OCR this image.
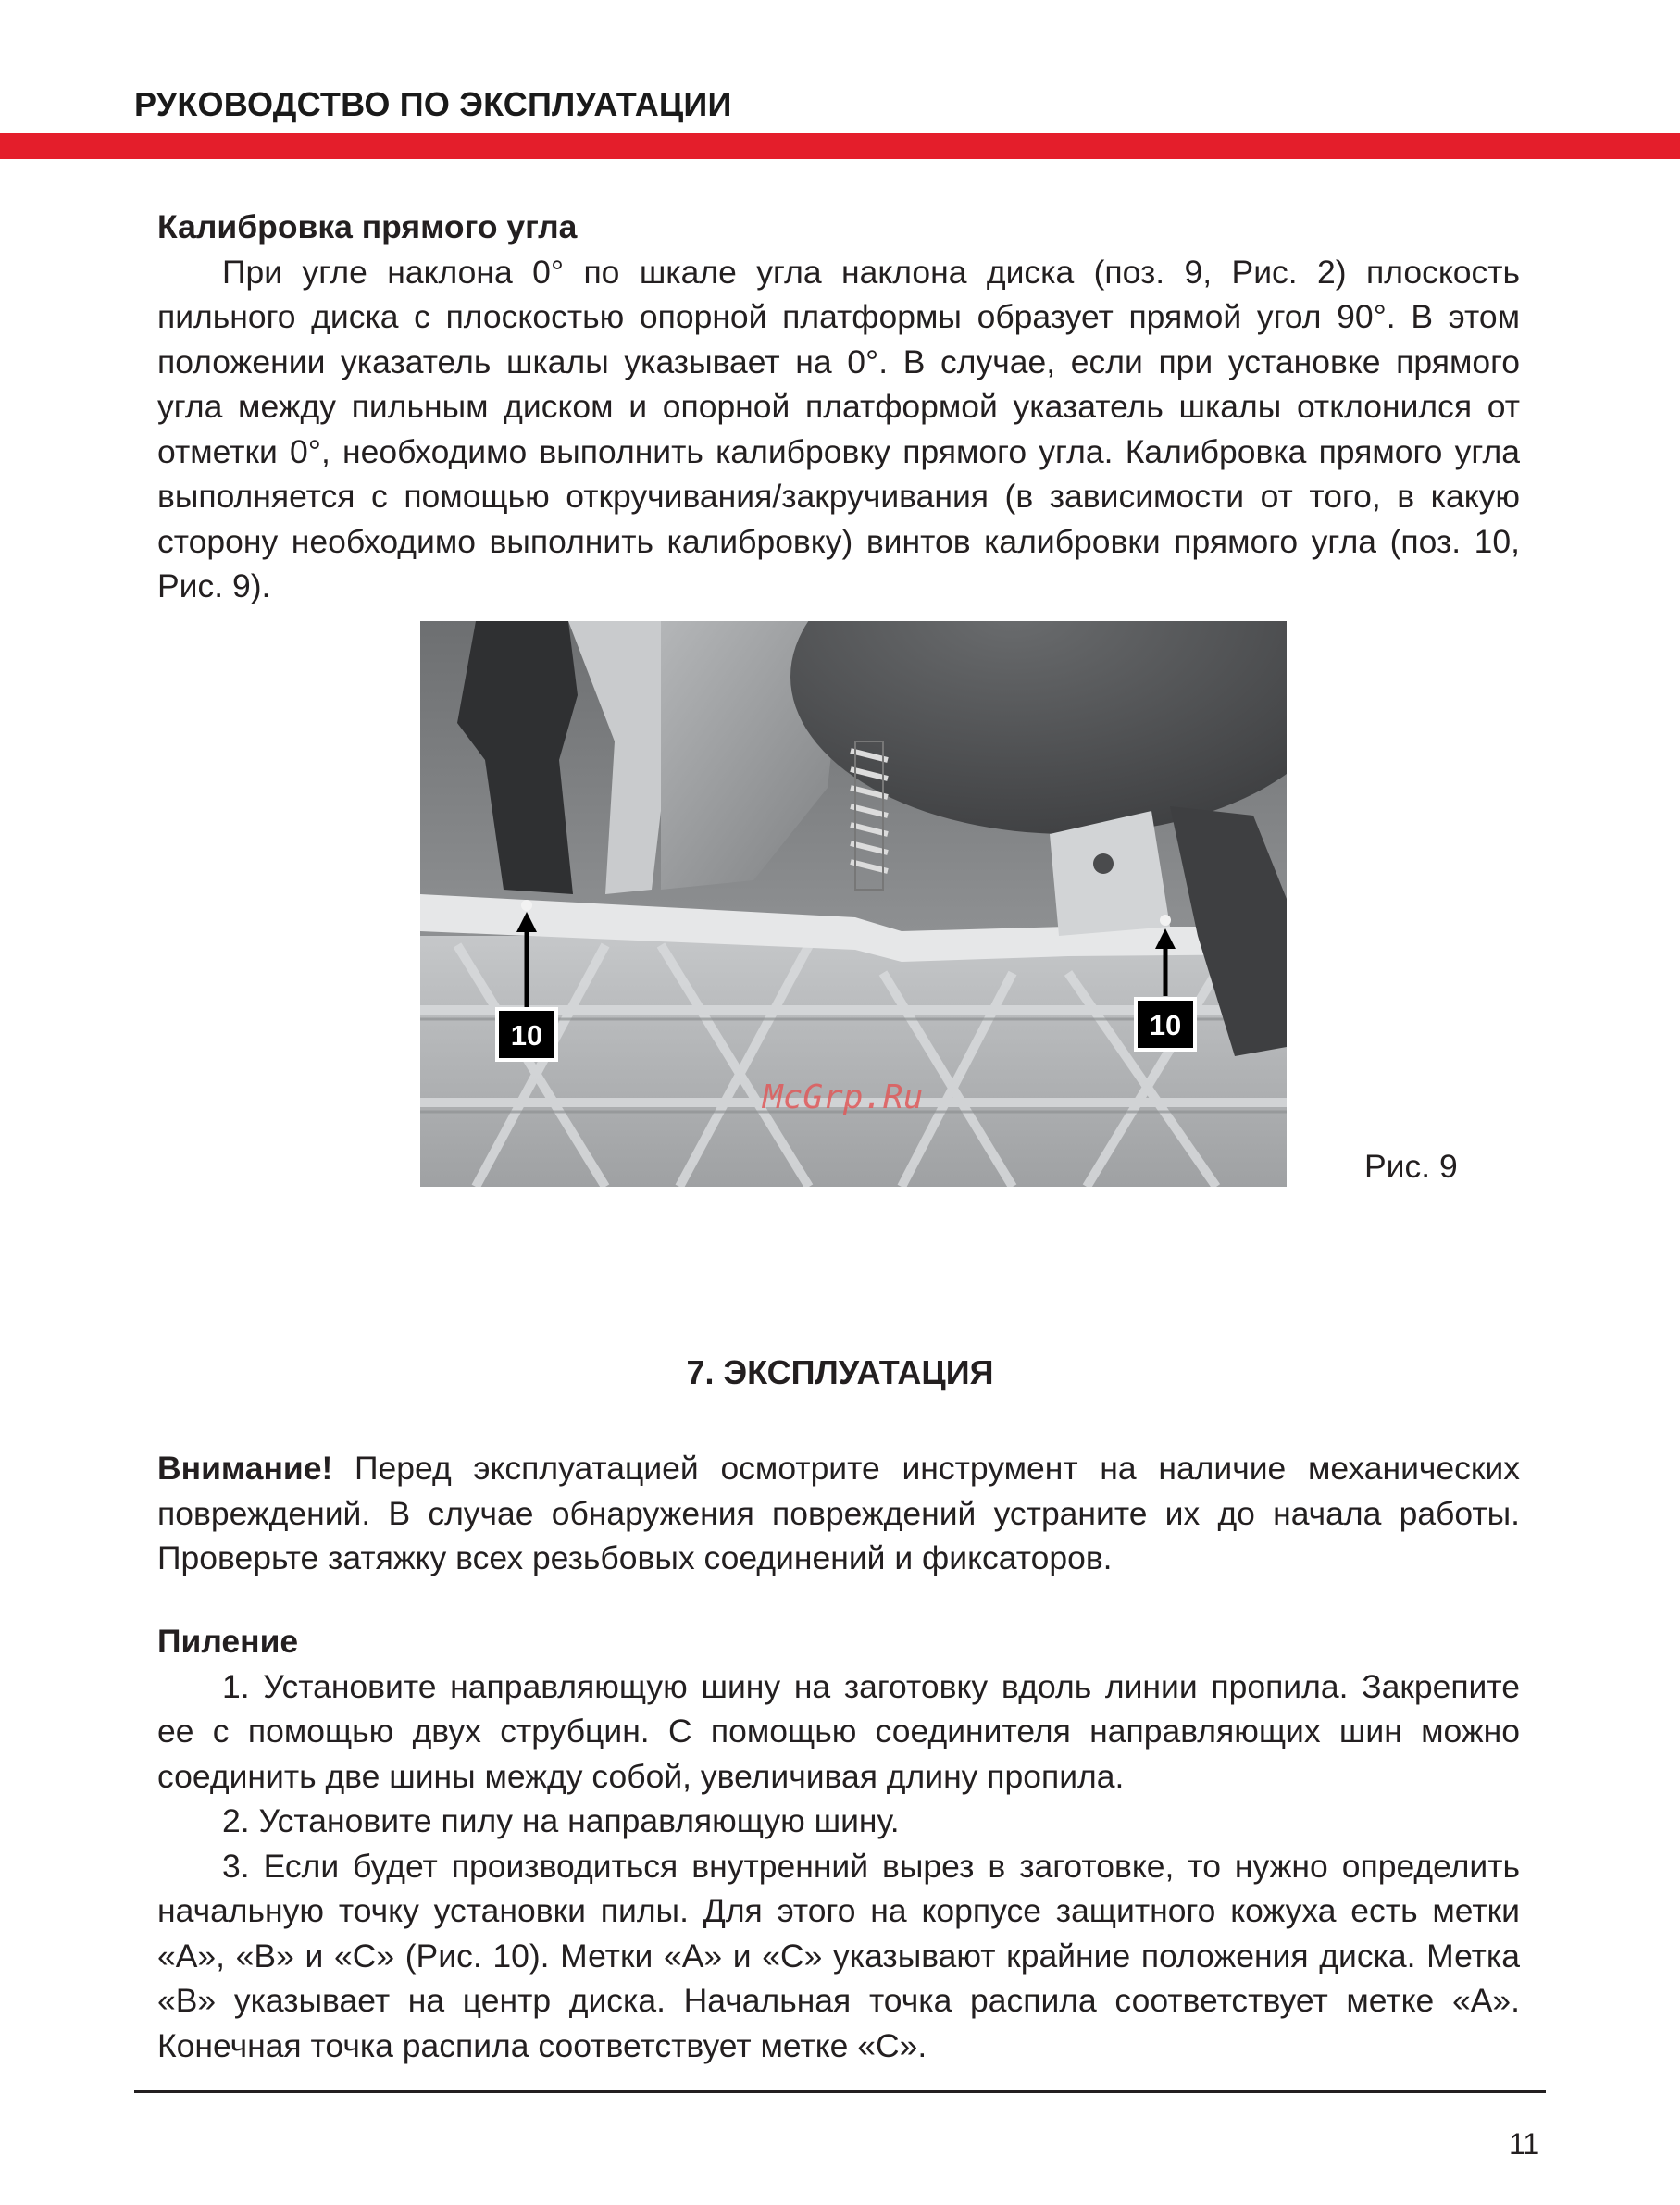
РУКОВОДСТВО ПО ЭКСПЛУАТАЦИИ

Калибровка прямого угла

При угле наклона 0° по шкале угла наклона диска (поз. 9, Рис. 2) плоскость пильного диска с плоскостью опорной платформы образует прямой угол 90°. В этом положении указатель шкалы указывает на 0°. В случае, если при установке прямого угла между пильным диском и опорной платформой указатель шкалы отклонился от отметки 0°, необходимо выполнить калибровку прямого угла. Калибровка прямого угла выполняется с помощью откручивания/закручивания (в зависимости от того, в какую сторону необходимо выполнить калибровку) винтов калибровки прямого угла (поз. 10, Рис. 9).

10	10
McGrp.Ru
Рис. 9
7. ЭКСПЛУАТАЦИЯ

Внимание! Перед эксплуатацией осмотрите инструмент на наличие механических повреждений. В случае обнаружения повреждений устраните их до начала работы. Проверьте затяжку всех резьбовых соединений и фиксаторов.

Пиление

1. Установите направляющую шину на заготовку вдоль линии пропила. Закрепите ее с помощью двух струбцин. С помощью соединителя направляющих шин можно соединить две шины между собой, увеличивая длину пропила.

2. Установите пилу на направляющую шину.

3. Если будет производиться внутренний вырез в заготовке, то нужно определить начальную точку установки пилы. Для этого на корпусе защитного кожуха есть метки «А», «В» и «С» (Рис. 10). Метки «А» и «С» указывают крайние положения диска. Метка «В» указывает на центр диска. Начальная точка распила соответствует метке «А». Конечная точка распила соответствует метке «С».

11
